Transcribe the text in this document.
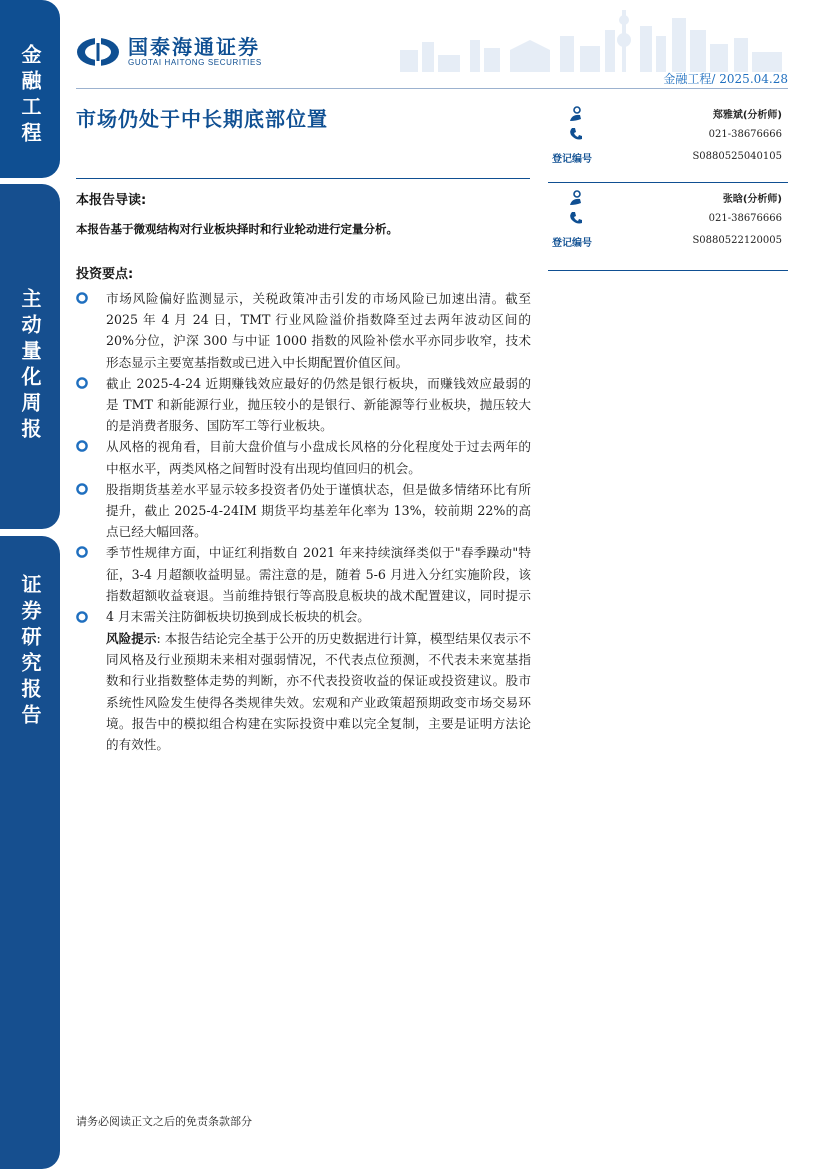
金融工程
主动量化周报
证券研究报告
国泰海通证券
GUOTAI HAITONG SECURITIES
金融工程/ 2025.04.28
市场仍处于中长期底部位置
登记编号
郑雅斌(分析师)
021-38676666
S0880525040105
登记编号
张晗(分析师)
021-38676666
S0880522120005
本报告导读:
本报告基于微观结构对行业板块择时和行业轮动进行定量分析。
投资要点:
市场风险偏好监测显示，关税政策冲击引发的市场风险已加速出清。截至 2025 年 4 月 24 日，TMT 行业风险溢价指数降至过去两年波动区间的 20%分位，沪深 300 与中证 1000 指数的风险补偿水平亦同步收窄，技术形态显示主要宽基指数或已进入中长期配置价值区间。
截止 2025-4-24 近期赚钱效应最好的仍然是银行板块，而赚钱效应最弱的是 TMT 和新能源行业，抛压较小的是银行、新能源等行业板块，抛压较大的是消费者服务、国防军工等行业板块。
从风格的视角看，目前大盘价值与小盘成长风格的分化程度处于过去两年的中枢水平，两类风格之间暂时没有出现均值回归的机会。
股指期货基差水平显示较多投资者仍处于谨慎状态，但是做多情绪环比有所提升，截止 2025-4-24IM 期货平均基差年化率为 13%，较前期 22%的高点已经大幅回落。
季节性规律方面，中证红利指数自 2021 年来持续演绎类似于"春季躁动"特征，3-4 月超额收益明显。需注意的是，随着 5-6 月进入分红实施阶段，该指数超额收益衰退。当前维持银行等高股息板块的战术配置建议，同时提示 4 月末需关注防御板块切换到成长板块的机会。
风险提示: 本报告结论完全基于公开的历史数据进行计算，模型结果仅表示不同风格及行业预期未来相对强弱情况，不代表点位预测，不代表未来宽基指数和行业指数整体走势的判断，亦不代表投资收益的保证或投资建议。股市系统性风险发生使得各类规律失效。宏观和产业政策超预期政变市场交易环境。报告中的模拟组合构建在实际投资中难以完全复制，主要是证明方法论的有效性。
请务必阅读正文之后的免责条款部分
